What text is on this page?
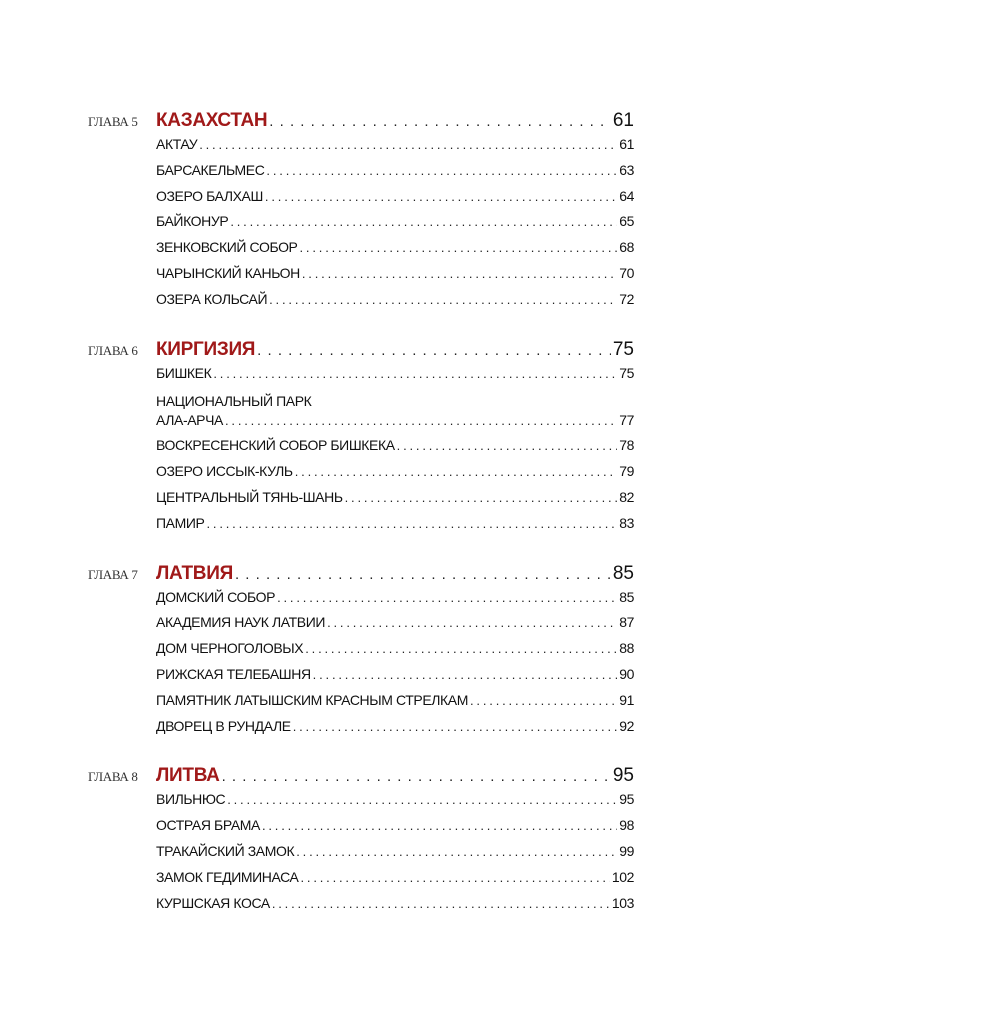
ГЛАВА 5 КАЗАХСТАН . . .	61
АКТАУ . . .	61
БАРСАКЕЛЬМЕС . . .	63
ОЗЕРО БАЛХАШ . . .	64
БАЙКОНУР . . .	65
ЗЕНКОВСКИЙ СОБОР . . .	68
ЧАРЫНСКИЙ КАНЬОН . . .	70
ОЗЕРА КОЛЬСАЙ . . .	72
ГЛАВА 6 КИРГИЗИЯ . . .	75
БИШКЕК . . .	75
НАЦИОНАЛЬНЫЙ ПАРК
АЛА-АРЧА . . .	77
ВОСКРЕСЕНСКИЙ СОБОР БИШКЕКА . . .	78
ОЗЕРО ИССЫК-КУЛЬ . . .	79
ЦЕНТРАЛЬНЫЙ ТЯНЬ-ШАНЬ . . .	82
ПАМИР . . .	83
ГЛАВА 7 ЛАТВИЯ . . .	85
ДОМСКИЙ СОБОР . . .	85
АКАДЕМИЯ НАУК ЛАТВИИ . . .	87
ДОМ ЧЕРНОГОЛОВЫХ . . .	88
РИЖСКАЯ ТЕЛЕБАШНЯ . . .	90
ПАМЯТНИК ЛАТЫШСКИМ КРАСНЫМ СТРЕЛКАМ . . .	91
ДВОРЕЦ В РУНДАЛЕ . . .	92
ГЛАВА 8 ЛИТВА . . .	95
ВИЛЬНЮС . . .	95
ОСТРАЯ БРАМА . . .	98
ТРАКАЙСКИЙ ЗАМОК . . .	99
ЗАМОК ГЕДИМИНАСА . . .	102
КУРШСКАЯ КОСА . . .	103
